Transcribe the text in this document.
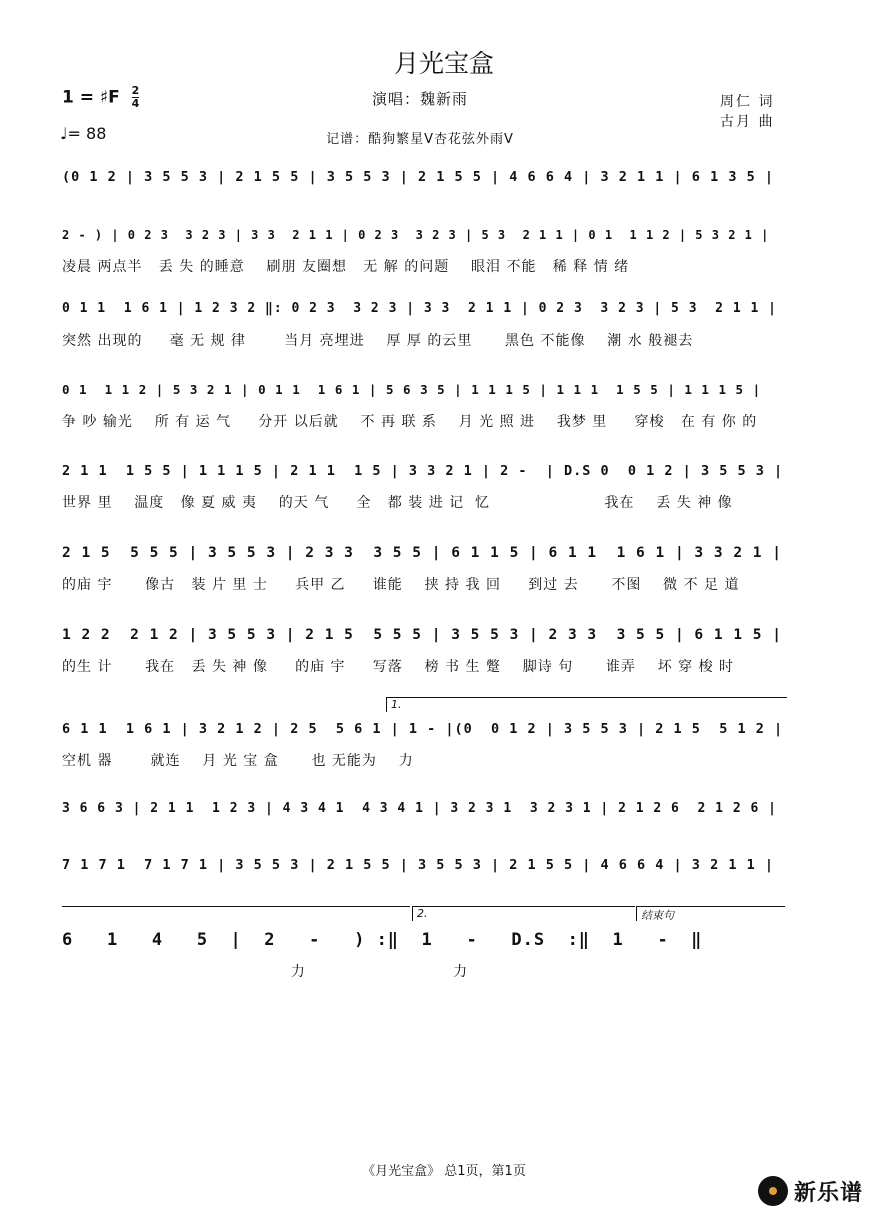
月光宝盒
演唱：魏新雨
1 = ♯F $\frac{2}{4}$
♩= 88
周仁 词
古月 曲
记谱：酷狗繁星V杏花弦外雨V
(0 1 2 | 3 5 5 3 | 2 1 5 5 | 3 5 5 3 | 2 1 5 5 | 4 6 6 4 | 3 2 1 1 | 6 1 3 5 |
2 - ) | 0 2 3  3 2 3 | 3 3  2 1 1 | 0 2 3  3 2 3 | 5 3  2 1 1 | 0 1  1 1 2 | 5 3 2 1 |
凌晨 两点半   丢 失 的睡意    刷朋 友圈想   无 解 的问题    眼泪 不能   稀 释 情 绪
0 1 1  1 6 1 | 1 2 3 2 ‖: 0 2 3  3 2 3 | 3 3  2 1 1 | 0 2 3  3 2 3 | 5 3  2 1 1 |
突然 出现的     毫 无 规 律       当月 亮埋进    厚 厚 的云里      黑色 不能像    潮 水 般褪去
0 1  1 1 2 | 5 3 2 1 | 0 1 1  1 6 1 | 5 6 3 5 | 1 1 1 5 | 1 1 1  1 5 5 | 1 1 1 5 |
争 吵 输光    所 有 运 气     分开 以后就    不 再 联 系    月 光 照 进    我梦 里     穿梭   在 有 你 的
2 1 1  1 5 5 | 1 1 1 5 | 2 1 1  1 5 | 3 3 2 1 | 2 -  | D.S 0  0 1 2 | 3 5 5 3 |
世界 里    温度   像 夏 威 夷    的天 气     全   都 装 进 记  忆                     我在    丢 失 神 像
2 1 5  5 5 5 | 3 5 5 3 | 2 3 3  3 5 5 | 6 1 1 5 | 6 1 1  1 6 1 | 3 3 2 1 |
的庙 宇      像古   装 片 里 士     兵甲 乙     谁能    挟 持 我 回     到过 去      不图    微 不 足 道
1 2 2  2 1 2 | 3 5 5 3 | 2 1 5  5 5 5 | 3 5 5 3 | 2 3 3  3 5 5 | 6 1 1 5 |
的生 计      我在   丢 失 神 像     的庙 宇     写落    榜 书 生 蹩    脚诗 句      谁弄    坏 穿 梭 时
1.
6 1 1  1 6 1 | 3 2 1 2 | 2 5  5 6 1 | 1 - |(0  0 1 2 | 3 5 5 3 | 2 1 5  5 1 2 |
空机 器       就连    月 光 宝 盒      也 无能为    力
3 6 6 3 | 2 1 1  1 2 3 | 4 3 4 1  4 3 4 1 | 3 2 3 1  3 2 3 1 | 2 1 2 6  2 1 2 6 |
7 1 7 1  7 1 7 1 | 3 5 5 3 | 2 1 5 5 | 3 5 5 3 | 2 1 5 5 | 4 6 6 4 | 3 2 1 1 |
2.	结束句
6   1   4   5  |  2   -   ) :‖  1   -   D.S  :‖  1   -  ‖
力                           力
《月光宝盒》 总1页，第1页
新乐谱
